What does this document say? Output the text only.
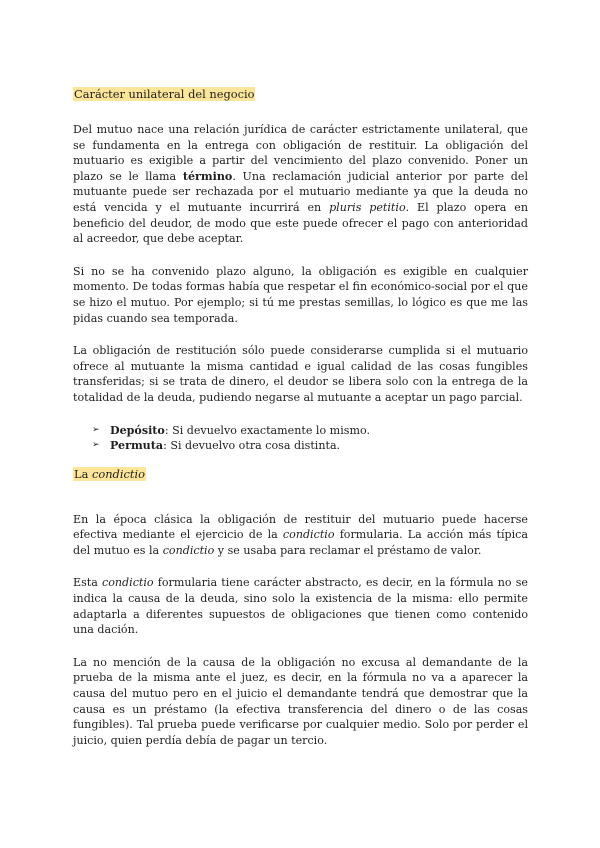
Carácter unilateral del negocio

Del mutuo nace una relación jurídica de carácter estrictamente unilateral, que se fundamenta en la entrega con obligación de restituir. La obligación del mutuario es exigible a partir del vencimiento del plazo convenido. Poner un plazo se le llama término. Una reclamación judicial anterior por parte del mutuante puede ser rechazada por el mutuario mediante ya que la deuda no está vencida y el mutuante incurrirá en pluris petitio. El plazo opera en beneficio del deudor, de modo que este puede ofrecer el pago con anterioridad al acreedor, que debe aceptar.

Si no se ha convenido plazo alguno, la obligación es exigible en cualquier momento. De todas formas había que respetar el fin económico-social por el que se hizo el mutuo. Por ejemplo; si tú me prestas semillas, lo lógico es que me las pidas cuando sea temporada.

La obligación de restitución sólo puede considerarse cumplida si el mutuario ofrece al mutuante la misma cantidad e igual calidad de las cosas fungibles transferidas; si se trata de dinero, el deudor se libera solo con la entrega de la totalidad de la deuda, pudiendo negarse al mutuante a aceptar un pago parcial.

➢ Depósito: Si devuelvo exactamente lo mismo.
➢ Permuta: Si devuelvo otra cosa distinta.
La condictio

En la época clásica la obligación de restituir del mutuario puede hacerse efectiva mediante el ejercicio de la condictio formularia. La acción más típica del mutuo es la condictio y se usaba para reclamar el préstamo de valor.

Esta condictio formularia tiene carácter abstracto, es decir, en la fórmula no se indica la causa de la deuda, sino solo la existencia de la misma: ello permite adaptarla a diferentes supuestos de obligaciones que tienen como contenido una dación.

La no mención de la causa de la obligación no excusa al demandante de la prueba de la misma ante el juez, es decir, en la fórmula no va a aparecer la causa del mutuo pero en el juicio el demandante tendrá que demostrar que la causa es un préstamo (la efectiva transferencia del dinero o de las cosas fungibles). Tal prueba puede verificarse por cualquier medio. Solo por perder el juicio, quien perdía debía de pagar un tercio.
